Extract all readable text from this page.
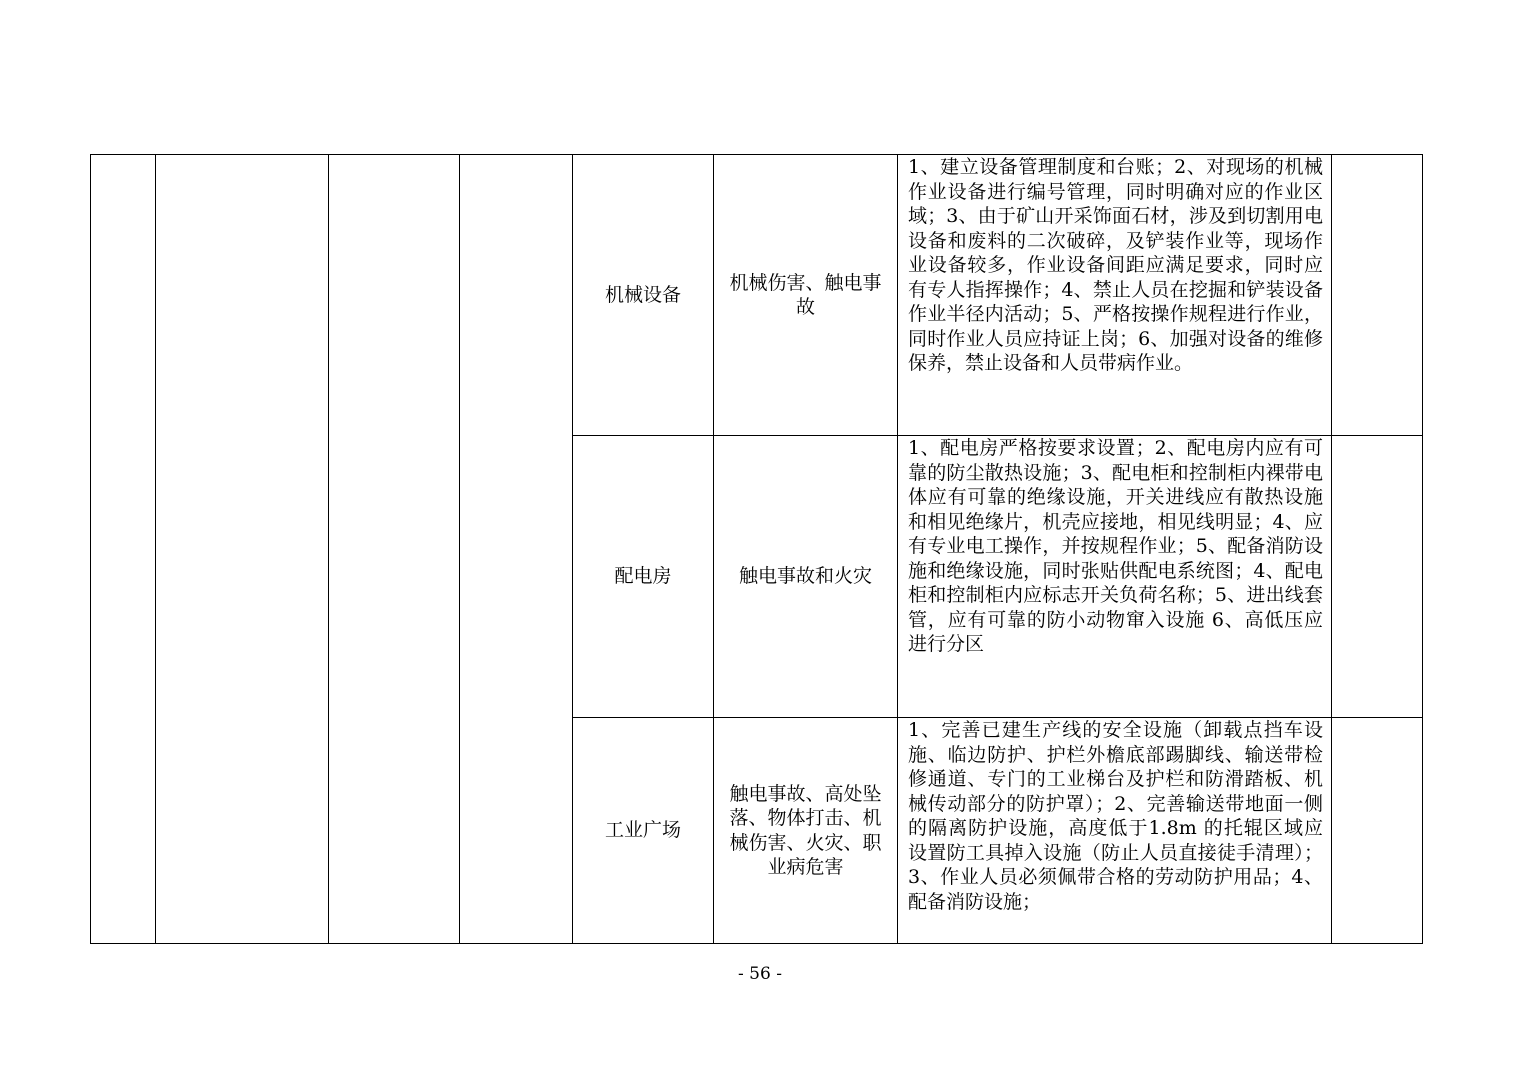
				机械设备	机械伤害、触电事故	1、建立设备管理制度和台账；2、对现场的机械作业设备进行编号管理，同时明确对应的作业区域；3、由于矿山开采饰面石材，涉及到切割用电设备和废料的二次破碎，及铲装作业等，现场作业设备较多，作业设备间距应满足要求，同时应有专人指挥操作；4、禁止人员在挖掘和铲装设备作业半径内活动；5、严格按操作规程进行作业，同时作业人员应持证上岗；6、加强对设备的维修保养，禁止设备和人员带病作业。	
				配电房	触电事故和火灾	1、配电房严格按要求设置；2、配电房内应有可靠的防尘散热设施；3、配电柜和控制柜内裸带电体应有可靠的绝缘设施，开关进线应有散热设施和相见绝缘片，机壳应接地，相见线明显；4、应有专业电工操作，并按规程作业；5、配备消防设施和绝缘设施，同时张贴供配电系统图；4、配电柜和控制柜内应标志开关负荷名称；5、进出线套管，应有可靠的防小动物窜入设施 6、高低压应进行分区	
				工业广场	触电事故、高处坠落、物体打击、机械伤害、火灾、职业病危害	1、完善已建生产线的安全设施（卸载点挡车设施、临边防护、护栏外檐底部踢脚线、输送带检修通道、专门的工业梯台及护栏和防滑踏板、机械传动部分的防护罩）；2、完善输送带地面一侧的隔离防护设施，高度低于1.8m 的托辊区域应设置防工具掉入设施（防止人员直接徒手清理）；3、作业人员必须佩带合格的劳动防护用品；4、配备消防设施；	
- 56 -
